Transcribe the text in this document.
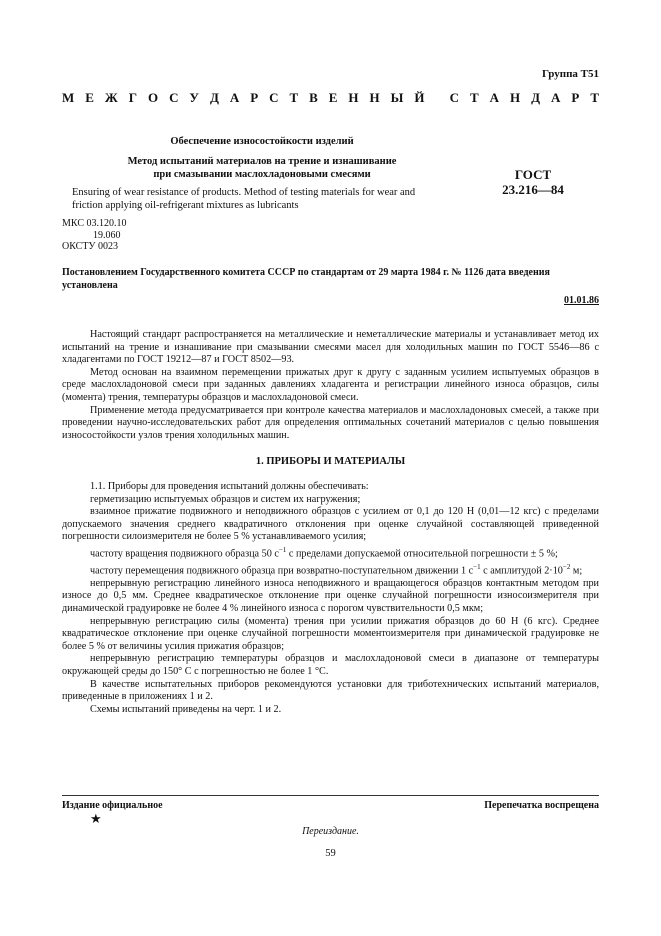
Группа Т51
М Е Ж Г О С У Д А Р С Т В Е Н Н Ы Й
С Т А Н Д А Р Т
Обеспечение износостойкости изделий
Метод испытаний материалов на трение и изнашивание
при смазывании маслохладоновыми смесями
Ensuring of wear resistance of products. Method of testing materials for wear and
friction applying oil-refrigerant mixtures as lubricants
ГОСТ
23.216—84
МКС 03.120.10
19.060
ОКСТУ 0023
Постановлением Государственного комитета СССР по стандартам от 29 марта 1984 г. № 1126 дата введения установлена
01.01.86

Настоящий стандарт распространяется на металлические и неметаллические материалы и устанавливает метод их испытаний на трение и изнашивание при смазывании смесями масел для холодильных машин по ГОСТ 5546—86 с хладагентами по ГОСТ 19212—87 и ГОСТ 8502—93.

Метод основан на взаимном перемещении прижатых друг к другу с заданным усилием испытуемых образцов в среде маслохладоновой смеси при заданных давлениях хладагента и регистрации линейного износа образцов, силы (момента) трения, температуры образцов и маслохладоновой смеси.

Применение метода предусматривается при контроле качества материалов и маслохладоновых смесей, а также при проведении научно-исследовательских работ для определения оптимальных сочетаний материалов с целью повышения износостойкости узлов трения холодильных машин.

1. ПРИБОРЫ И МАТЕРИАЛЫ

1.1. Приборы для проведения испытаний должны обеспечивать:

герметизацию испытуемых образцов и систем их нагружения;

взаимное прижатие подвижного и неподвижного образцов с усилием от 0,1 до 120 Н (0,01—12 кгс) с пределами допускаемого значения среднего квадратичного отклонения при оценке случайной составляющей приведенной погрешности силоизмерителя не более 5 % устанавливаемого усилия;

частоту вращения подвижного образца 50 $с^{-1}$ с пределами допускаемой относительной погрешности ± 5 %;

частоту перемещения подвижного образца при возвратно-поступательном движении 1 $с^{-1}$ с амплитудой $2\cdot 10^{-2}$ м;

непрерывную регистрацию линейного износа неподвижного и вращающегося образцов контактным методом при износе до 0,5 мм. Среднее квадратическое отклонение при оценке случайной погрешности износоизмерителя при динамической градуировке не более 4 % линейного износа с порогом чувствительности 0,5 мкм;

непрерывную регистрацию силы (момента) трения при усилии прижатия образцов до 60 Н (6 кгс). Среднее квадратическое отклонение при оценке случайной погрешности моментоизмерителя при динамической градуировке не более 5 % от величины усилия прижатия образцов;

непрерывную регистрацию температуры образцов и маслохладоновой смеси в диапазоне от температуры окружающей среды до 150° С с погрешностью не более 1 °С.

В качестве испытательных приборов рекомендуются установки для триботехнических испытаний материалов, приведенные в приложениях 1 и 2.

Схемы испытаний приведены на черт. 1 и 2.

Издание официальное	Перепечатка воспрещена
★
Переиздание.
59
